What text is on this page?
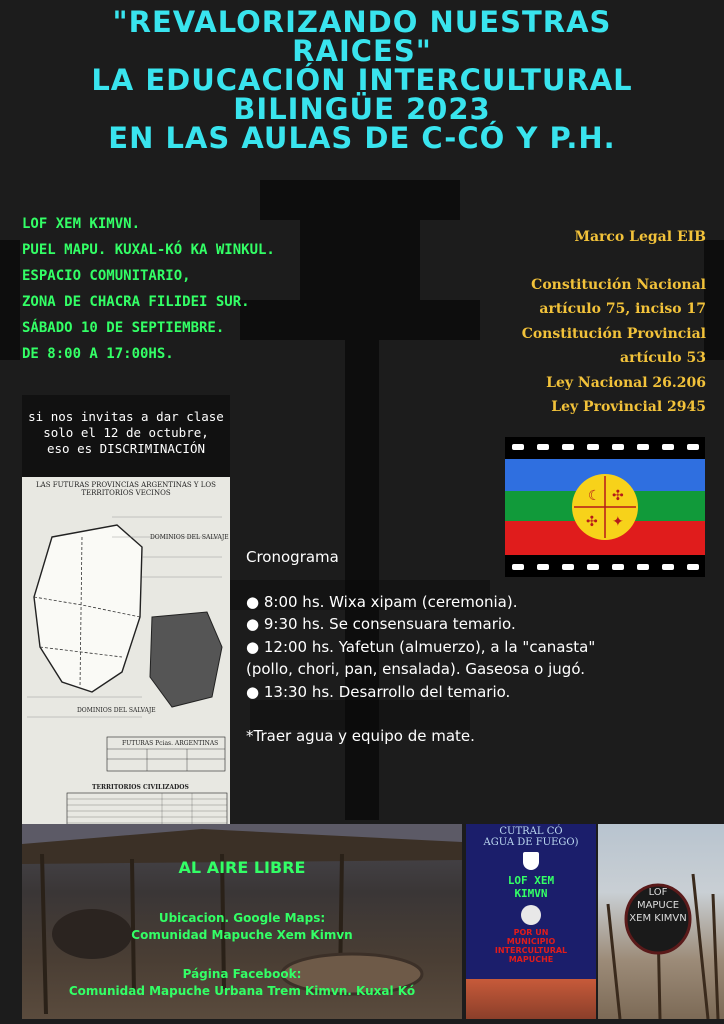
"REVALORIZANDO NUESTRAS
RAICES"
LA EDUCACIÓN INTERCULTURAL
BILINGÜE 2023
EN LAS AULAS DE C-CÓ Y P.H.
LOF XEM KIMVN.
PUEL MAPU. KUXAL-KÓ KA WINKUL.
ESPACIO COMUNITARIO,
ZONA DE CHACRA FILIDEI SUR.
SÁBADO 10 DE SEPTIEMBRE.
DE 8:00 A 17:00HS.
Marco Legal EIB
Constitución Nacional
artículo 75, inciso 17
Constitución Provincial
artículo 53
Ley Nacional 26.206
Ley Provincial 2945
si nos invitas a dar clase
solo el 12 de octubre,
eso es DISCRIMINACIÓN
LAS FUTURAS PROVINCIAS ARGENTINAS Y LOS TERRITORIOS VECINOS
DOMINIOS DEL SALVAJE
DOMINIOS DEL SALVAJE
FUTURAS Pcias. ARGENTINAS
TERRITORIOS CIVILIZADOS
☾ ✣
✣ ✦
Cronograma
● 8:00 hs. Wixa xipam (ceremonia).
● 9:30 hs. Se consensuara temario.
● 12:00 hs. Yafetun (almuerzo), a la "canasta"
(pollo, chori, pan, ensalada). Gaseosa o jugó.
● 13:30 hs. Desarrollo del temario.
*Traer agua y equipo de mate.
AL AIRE LIBRE
Ubicacion. Google Maps:
Comunidad Mapuche Xem Kimvn
Página Facebook:
Comunidad Mapuche Urbana Trem Kimvn. Kuxal Kó
CUTRAL CÓ
AGUA DE FUEGO)
LOF XEM
KIMVN
POR UN
MUNICIPIO
INTERCULTURAL
MAPUCHE
LOF
MAPUCE
XEM KIMVN
